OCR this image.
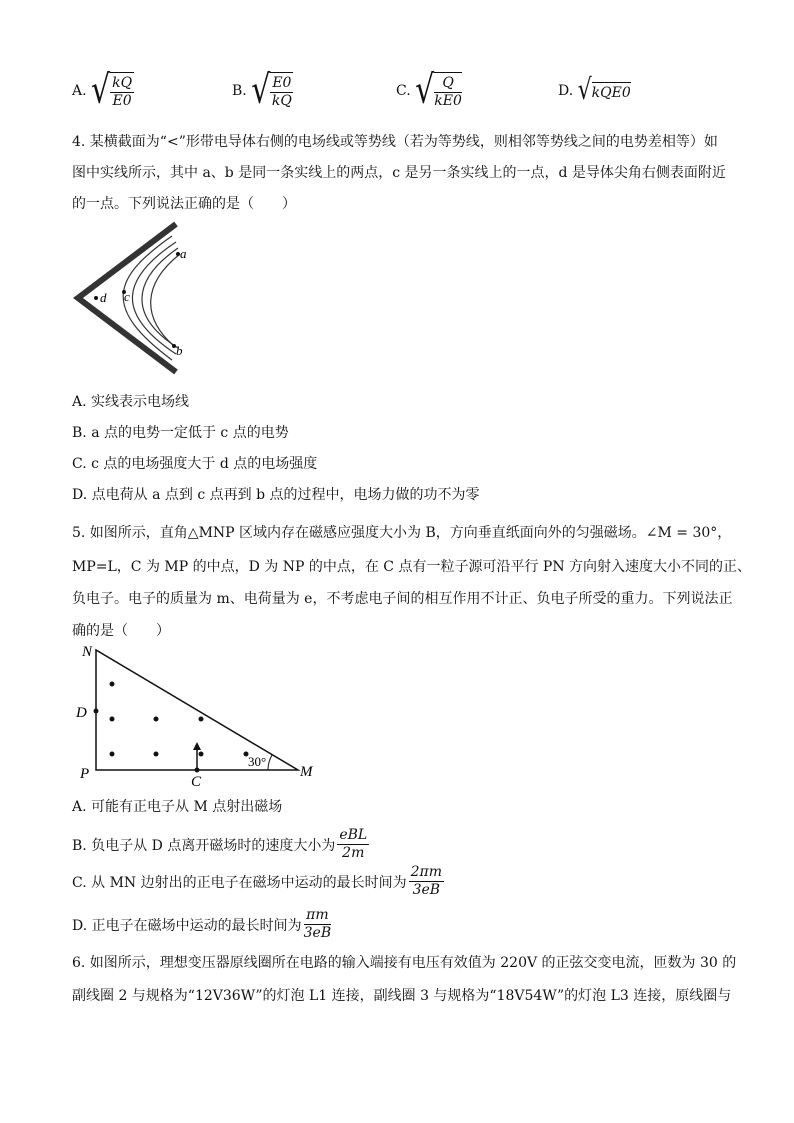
A. √ $\frac{kQ}{E0}$	B. √ $\frac{E0}{kQ}$	C. √ $\frac{Q}{kE0}$	D. √ kQE0
4. 某横截面为“<”形带电导体右侧的电场线或等势线（若为等势线，则相邻等势线之间的电势差相等）如
图中实线所示，其中 a、b 是同一条实线上的两点，c 是另一条实线上的一点，d 是导体尖角右侧表面附近
的一点。下列说法正确的是（　　）
a
b
c
d
A. 实线表示电场线
B. a 点的电势一定低于 c 点的电势
C. c 点的电场强度大于 d 点的电场强度
D. 点电荷从 a 点到 c 点再到 b 点的过程中，电场力做的功不为零
5. 如图所示，直角△MNP 区域内存在磁感应强度大小为 B，方向垂直纸面向外的匀强磁场。∠M = 30°，
MP=L，C 为 MP 的中点，D 为 NP 的中点，在 C 点有一粒子源可沿平行 PN 方向射入速度大小不同的正、
负电子。电子的质量为 m、电荷量为 e，不考虑电子间的相互作用不计正、负电子所受的重力。下列说法正
确的是（　　）
N
D
P	C
M
30°
A. 可能有正电子从 M 点射出磁场
B. 负电子从 D 点离开磁场时的速度大小为 $\frac{\text{eBL}}{2m}$
C. 从 MN 边射出的正电子在磁场中运动的最长时间为 $\frac{2\pi m}{3eB}$
D. 正电子在磁场中运动的最长时间为 $\frac{\pi m}{3eB}$
6. 如图所示，理想变压器原线圈所在电路的输入端接有电压有效值为 220V 的正弦交变电流，匝数为 30 的
副线圈 2 与规格为“12V36W”的灯泡 L1 连接，副线圈 3 与规格为“18V54W”的灯泡 L3 连接，原线圈与
